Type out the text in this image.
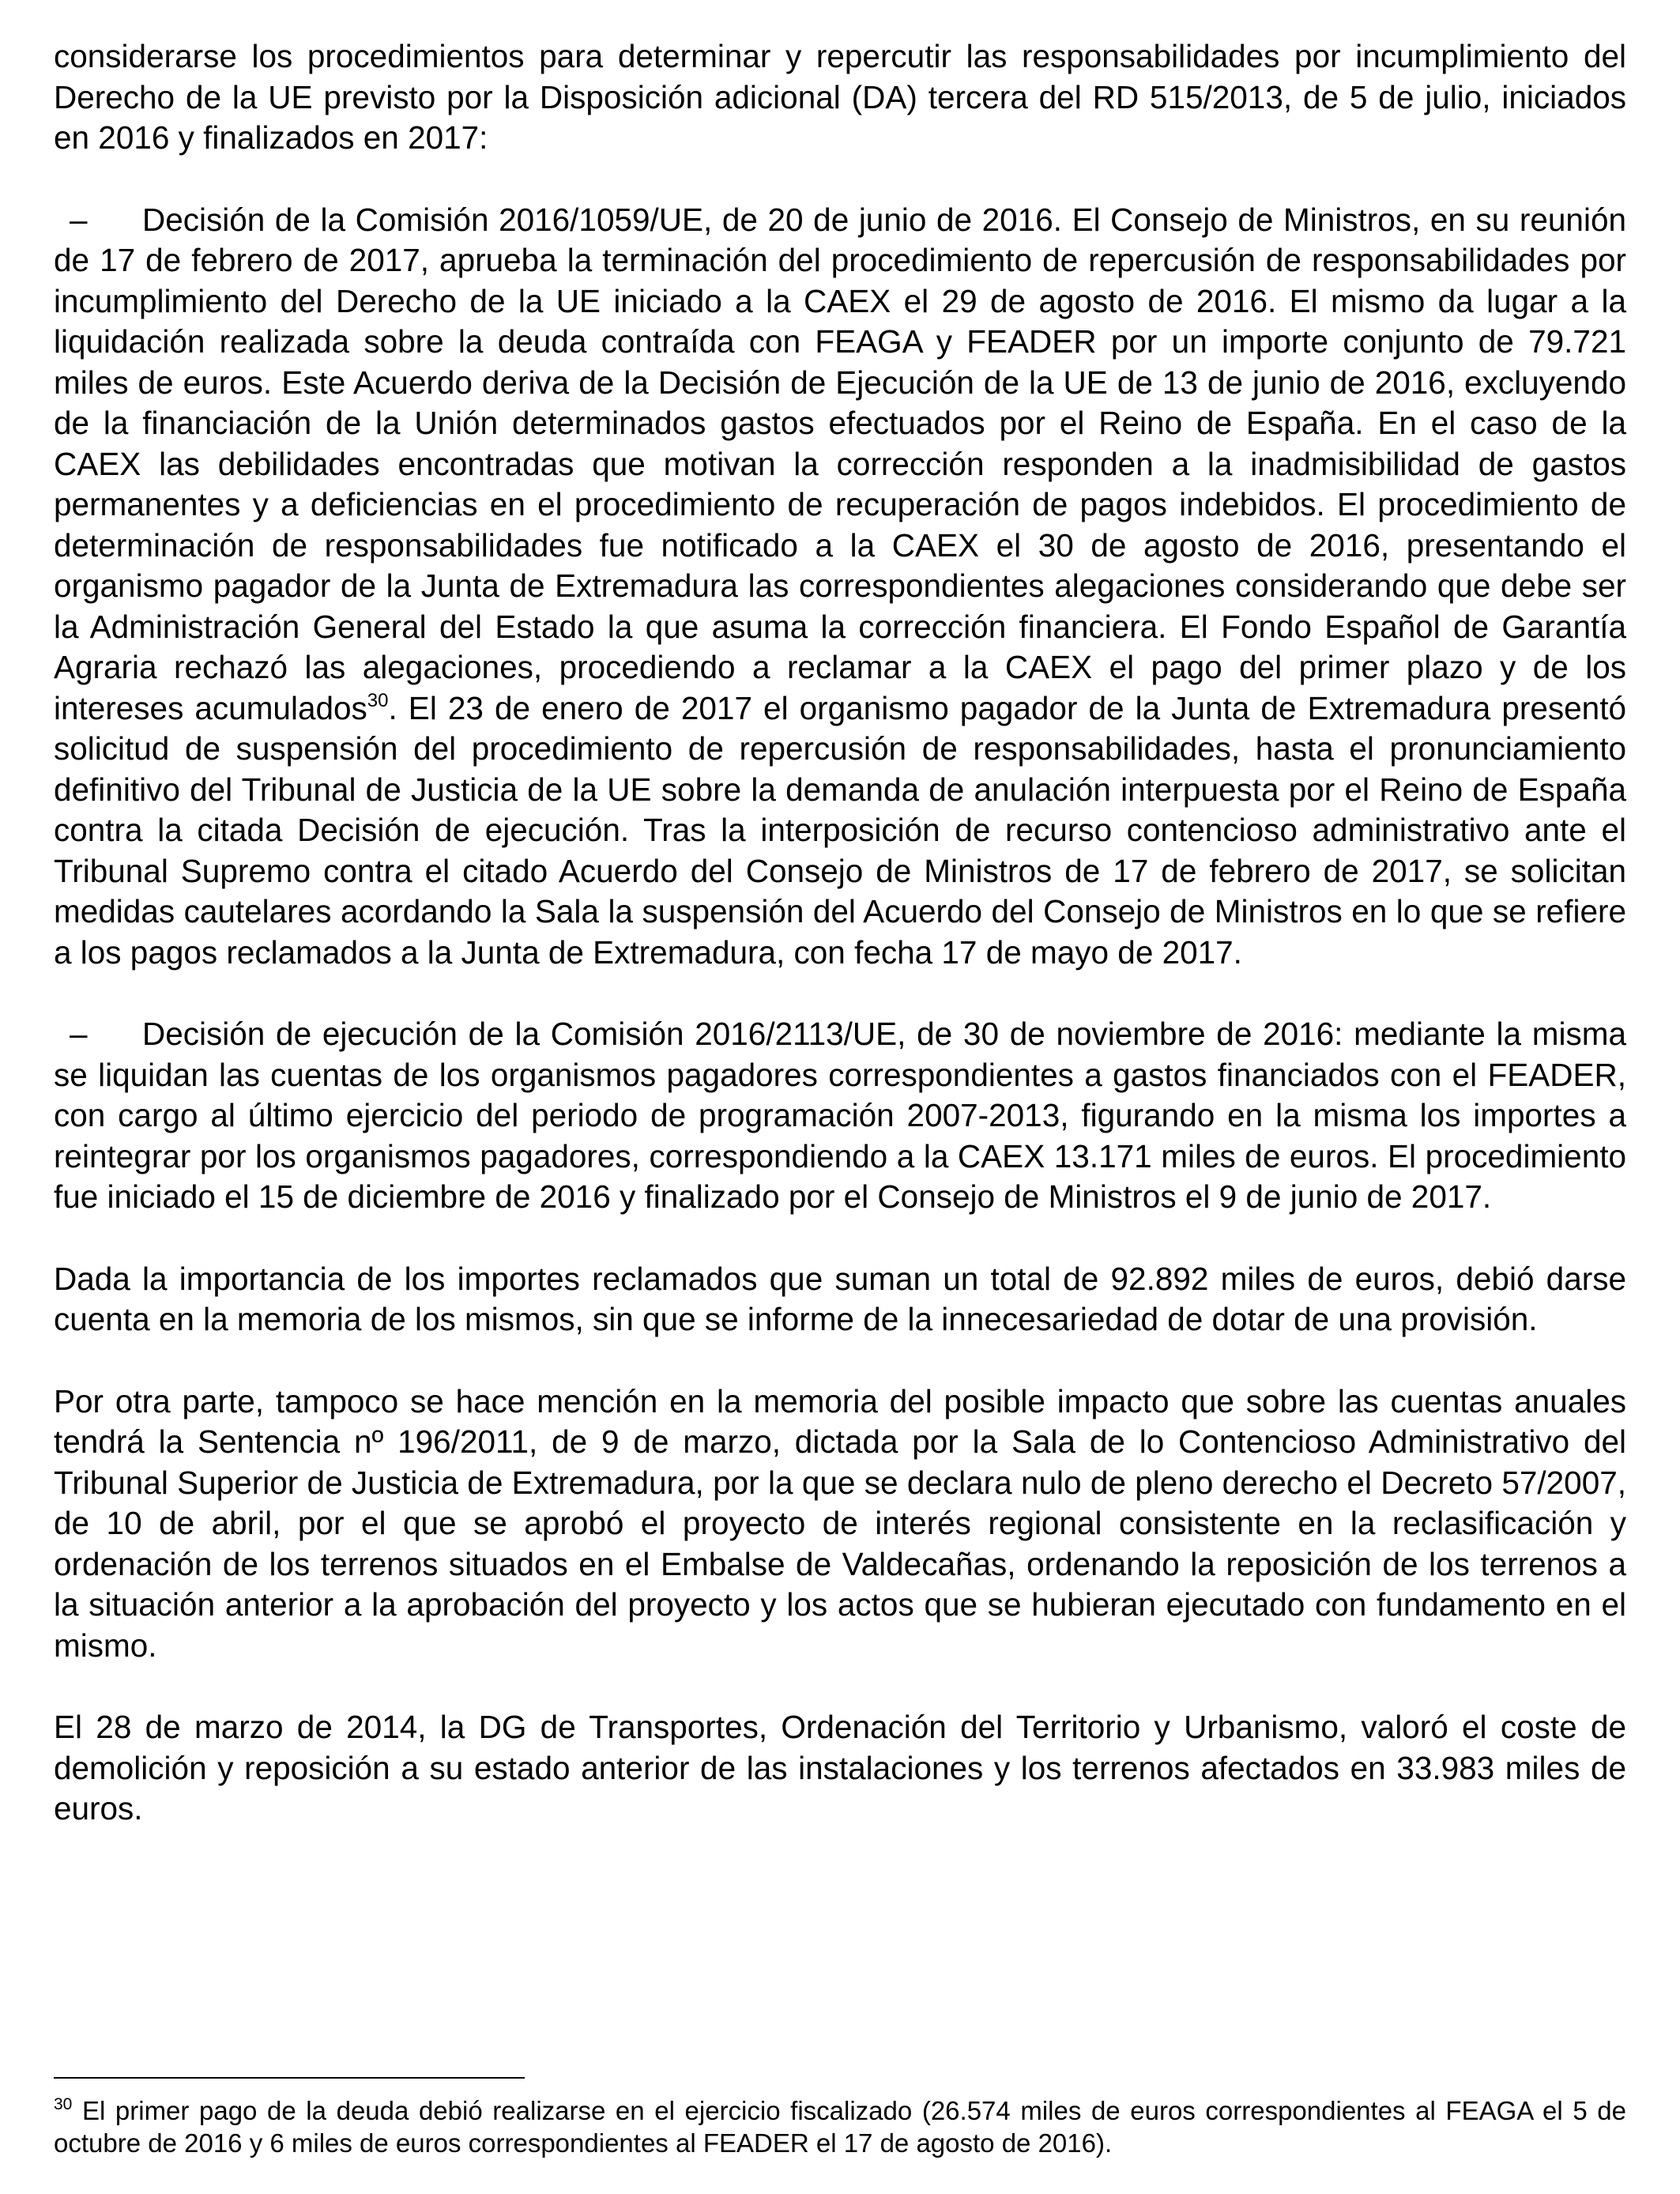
considerarse los procedimientos para determinar y repercutir las responsabilidades por incumplimiento del Derecho de la UE previsto por la Disposición adicional (DA) tercera del RD 515/2013, de 5 de julio, iniciados en 2016 y finalizados en 2017:

– Decisión de la Comisión 2016/1059/UE, de 20 de junio de 2016. El Consejo de Ministros, en su reunión de 17 de febrero de 2017, aprueba la terminación del procedimiento de repercusión de responsabilidades por incumplimiento del Derecho de la UE iniciado a la CAEX el 29 de agosto de 2016. El mismo da lugar a la liquidación realizada sobre la deuda contraída con FEAGA y FEADER por un importe conjunto de 79.721 miles de euros. Este Acuerdo deriva de la Decisión de Ejecución de la UE de 13 de junio de 2016, excluyendo de la financiación de la Unión determinados gastos efectuados por el Reino de España. En el caso de la CAEX las debilidades encontradas que motivan la corrección responden a la inadmisibilidad de gastos permanentes y a deficiencias en el procedimiento de recuperación de pagos indebidos. El procedimiento de determinación de responsabilidades fue notificado a la CAEX el 30 de agosto de 2016, presentando el organismo pagador de la Junta de Extremadura las correspondientes alegaciones considerando que debe ser la Administración General del Estado la que asuma la corrección financiera. El Fondo Español de Garantía Agraria rechazó las alegaciones, procediendo a reclamar a la CAEX el pago del primer plazo y de los intereses acumulados$^{30}$. El 23 de enero de 2017 el organismo pagador de la Junta de Extremadura presentó solicitud de suspensión del procedimiento de repercusión de responsabilidades, hasta el pronunciamiento definitivo del Tribunal de Justicia de la UE sobre la demanda de anulación interpuesta por el Reino de España contra la citada Decisión de ejecución. Tras la interposición de recurso contencioso administrativo ante el Tribunal Supremo contra el citado Acuerdo del Consejo de Ministros de 17 de febrero de 2017, se solicitan medidas cautelares acordando la Sala la suspensión del Acuerdo del Consejo de Ministros en lo que se refiere a los pagos reclamados a la Junta de Extremadura, con fecha 17 de mayo de 2017.

– Decisión de ejecución de la Comisión 2016/2113/UE, de 30 de noviembre de 2016: mediante la misma se liquidan las cuentas de los organismos pagadores correspondientes a gastos financiados con el FEADER, con cargo al último ejercicio del periodo de programación 2007-2013, figurando en la misma los importes a reintegrar por los organismos pagadores, correspondiendo a la CAEX 13.171 miles de euros. El procedimiento fue iniciado el 15 de diciembre de 2016 y finalizado por el Consejo de Ministros el 9 de junio de 2017.

Dada la importancia de los importes reclamados que suman un total de 92.892 miles de euros, debió darse cuenta en la memoria de los mismos, sin que se informe de la innecesariedad de dotar de una provisión.

Por otra parte, tampoco se hace mención en la memoria del posible impacto que sobre las cuentas anuales tendrá la Sentencia nº 196/2011, de 9 de marzo, dictada por la Sala de lo Contencioso Administrativo del Tribunal Superior de Justicia de Extremadura, por la que se declara nulo de pleno derecho el Decreto 57/2007, de 10 de abril, por el que se aprobó el proyecto de interés regional consistente en la reclasificación y ordenación de los terrenos situados en el Embalse de Valdecañas, ordenando la reposición de los terrenos a la situación anterior a la aprobación del proyecto y los actos que se hubieran ejecutado con fundamento en el mismo.

El 28 de marzo de 2014, la DG de Transportes, Ordenación del Territorio y Urbanismo, valoró el coste de demolición y reposición a su estado anterior de las instalaciones y los terrenos afectados en 33.983 miles de euros.

$^{30}$ El primer pago de la deuda debió realizarse en el ejercicio fiscalizado (26.574 miles de euros correspondientes al FEAGA el 5 de octubre de 2016 y 6 miles de euros correspondientes al FEADER el 17 de agosto de 2016).
